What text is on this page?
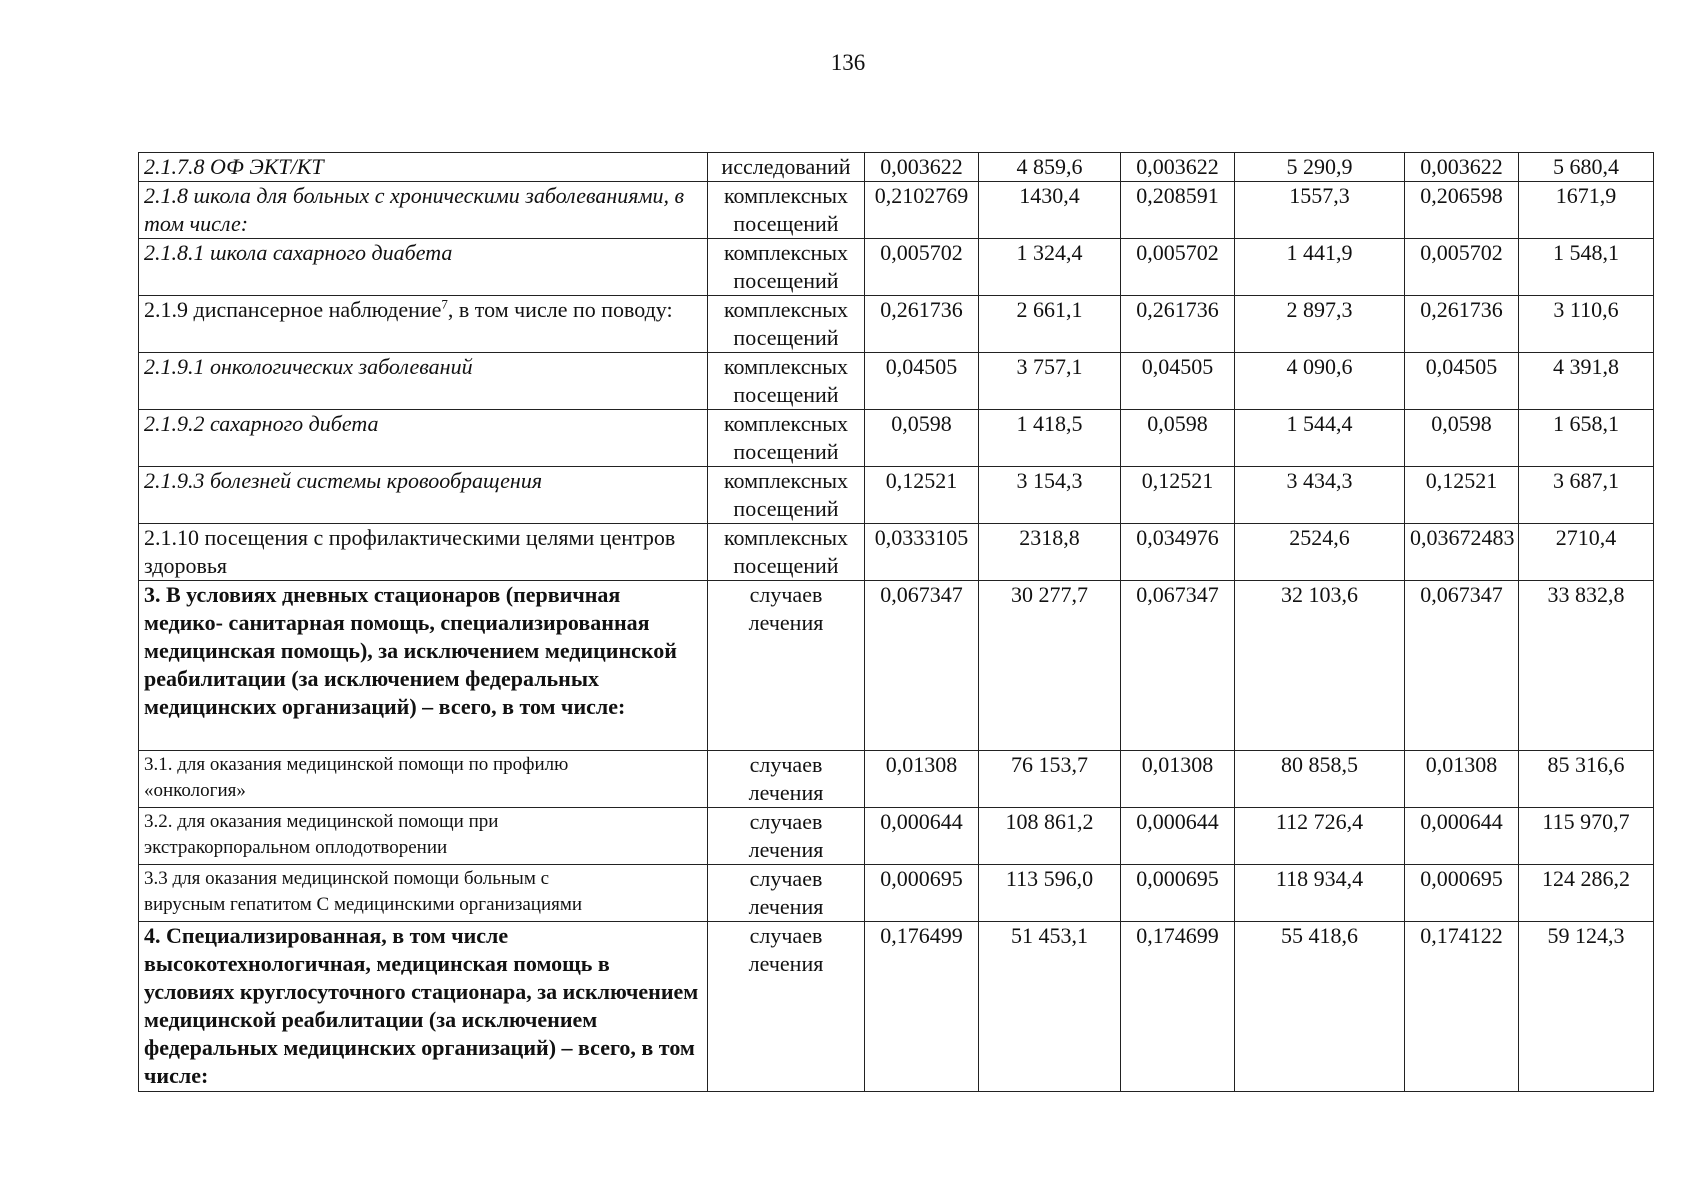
136
2.1.7.8 ОФ ЭКТ/КТ	исследований	0,003622	4 859,6	0,003622	5 290,9	0,003622	5 680,4
2.1.8 школа для больных с хроническими заболеваниями, в том числе:	комплексных посещений	0,2102769	1430,4	0,208591	1557,3	0,206598	1671,9
2.1.8.1 школа сахарного диабета	комплексных посещений	0,005702	1 324,4	0,005702	1 441,9	0,005702	1 548,1
2.1.9 диспансерное наблюдение$^7$, в том числе по поводу:	комплексных посещений	0,261736	2 661,1	0,261736	2 897,3	0,261736	3 110,6
2.1.9.1 онкологических заболеваний	комплексных посещений	0,04505	3 757,1	0,04505	4 090,6	0,04505	4 391,8
2.1.9.2 сахарного дибета	комплексных посещений	0,0598	1 418,5	0,0598	1 544,4	0,0598	1 658,1
2.1.9.3 болезней системы кровообращения	комплексных посещений	0,12521	3 154,3	0,12521	3 434,3	0,12521	3 687,1
2.1.10 посещения с профилактическими целями центров здоровья	комплексных посещений	0,0333105	2318,8	0,034976	2524,6	0,03672483	2710,4
3. В условиях дневных стационаров (первичная медико- санитарная помощь, специализированная медицинская помощь), за исключением медицинской реабилитации (за исключением федеральных медицинских организаций) – всего, в том числе:	случаев лечения	0,067347	30 277,7	0,067347	32 103,6	0,067347	33 832,8

3.1. для оказания медицинской помощи по профилю
«онкология»	случаев лечения	0,01308	76 153,7	0,01308	80 858,5	0,01308	85 316,6

3.2. для оказания медицинской помощи при
экстракорпоральном оплодотворении	случаев лечения	0,000644	108 861,2	0,000644	112 726,4	0,000644	115 970,7

3.3 для оказания медицинской помощи больным с
вирусным гепатитом С медицинскими организациями	случаев лечения	0,000695	113 596,0	0,000695	118 934,4	0,000695	124 286,2
4. Специализированная, в том числе высокотехнологичная, медицинская помощь в условиях круглосуточного стационара, за исключением медицинской реабилитации (за исключением федеральных медицинских организаций) – всего, в том числе:	случаев лечения	0,176499	51 453,1	0,174699	55 418,6	0,174122	59 124,3
